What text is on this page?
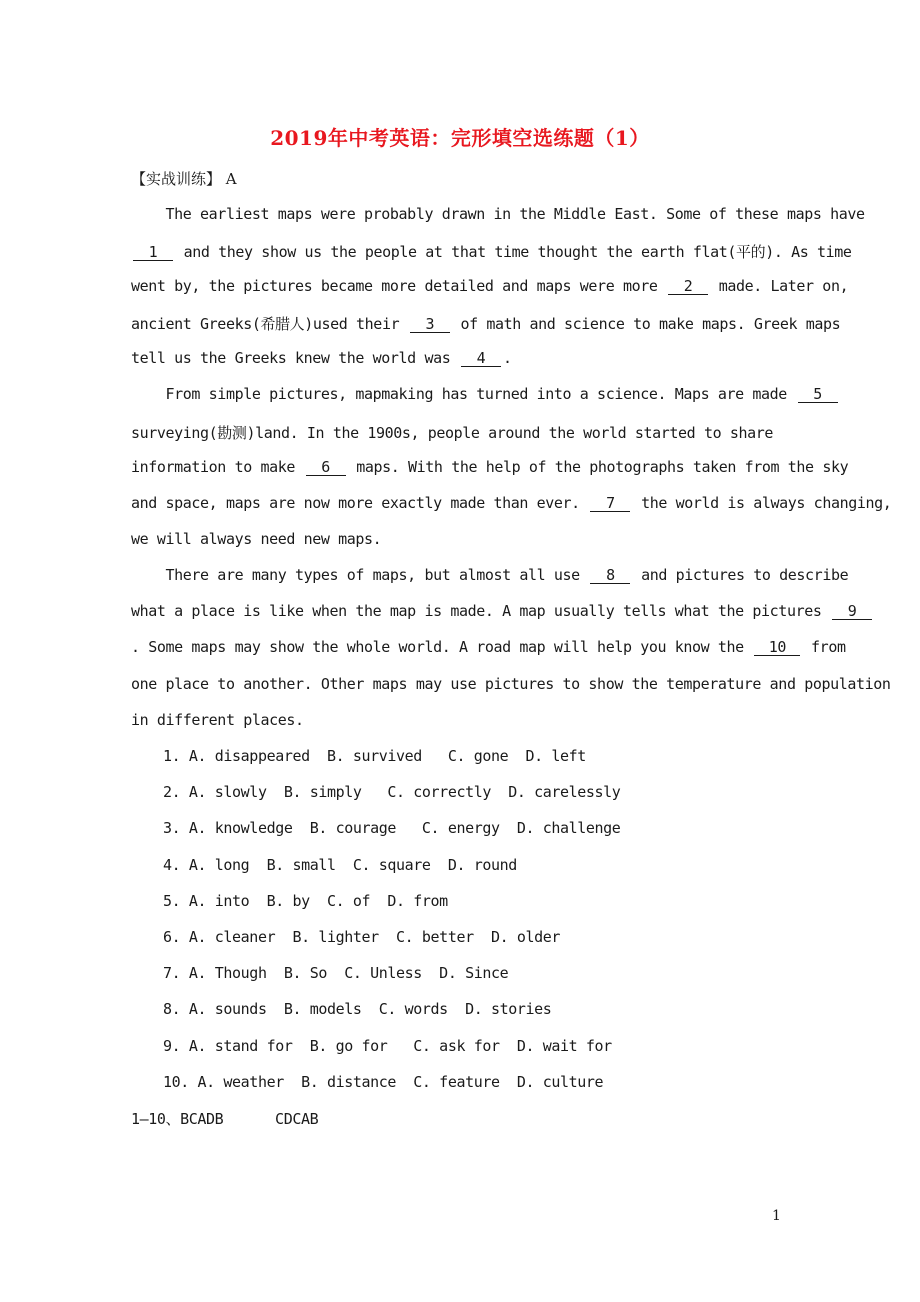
2019年中考英语：完形填空选练题（1）
【实战训练】 A
The earliest maps were probably drawn in the Middle East. Some of these maps have
1 and they show us the people at that time thought the earth flat(平的). As time
went by, the pictures became more detailed and maps were more 2 made. Later on,
ancient Greeks(希腊人)used their 3 of math and science to make maps. Greek maps
tell us the Greeks knew the world was 4 .
From simple pictures, mapmaking has turned into a science. Maps are made 5
surveying(勘测)land. In the 1900s, people around the world started to share
information to make 6 maps. With the help of the photographs taken from the sky
and space, maps are now more exactly made than ever. 7 the world is always changing,
we will always need new maps.
There are many types of maps, but almost all use 8 and pictures to describe
what a place is like when the map is made. A map usually tells what the pictures 9
. Some maps may show the whole world. A road map will help you know the 10 from
one place to another. Other maps may use pictures to show the temperature and population
in different places.
1. A. disappeared  B. survived   C. gone  D. left
2. A. slowly  B. simply   C. correctly  D. carelessly
3. A. knowledge  B. courage   C. energy  D. challenge
4. A. long  B. small  C. square  D. round
5. A. into  B. by  C. of  D. from
6. A. cleaner  B. lighter  C. better  D. older
7. A. Though  B. So  C. Unless  D. Since
8. A. sounds  B. models  C. words  D. stories
9. A. stand for  B. go for   C. ask for  D. wait for
10. A. weather  B. distance  C. feature  D. culture
1—10、BCADB      CDCAB
1
